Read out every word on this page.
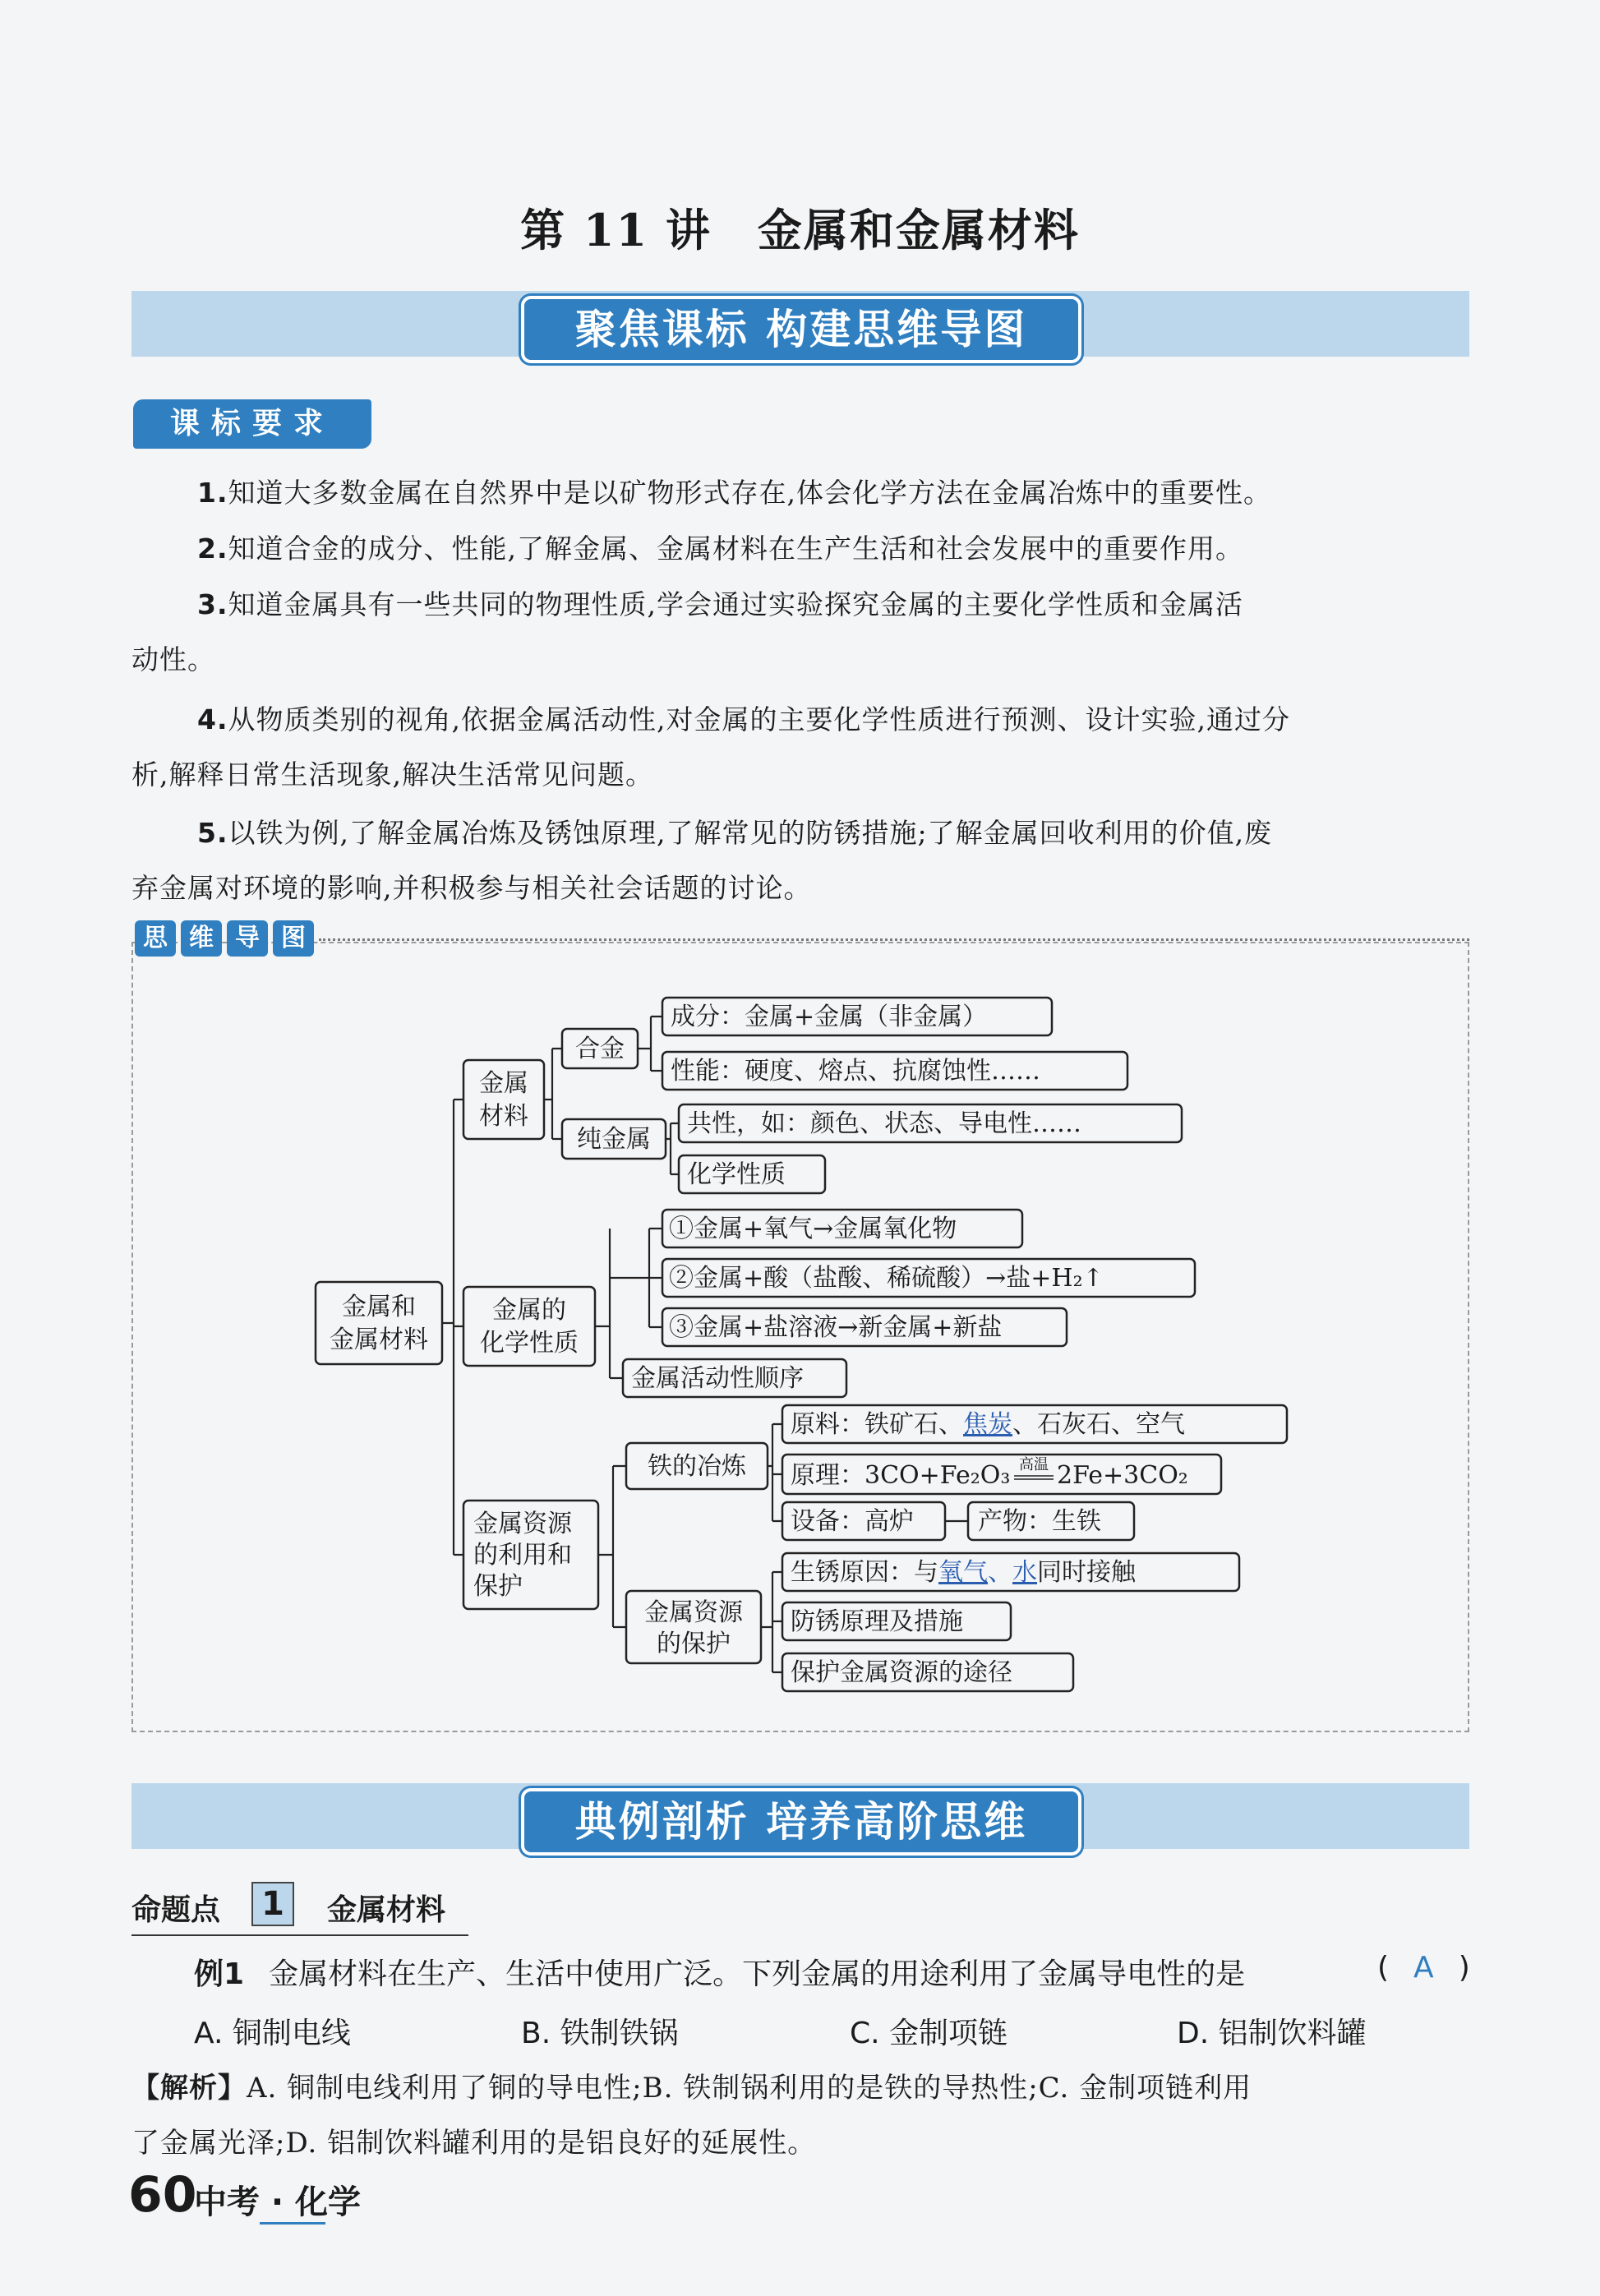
第 11 讲　金属和金属材料
聚焦课标 构建思维导图
课标要求
1.知道大多数金属在自然界中是以矿物形式存在,体会化学方法在金属冶炼中的重要性。
2.知道合金的成分、性能,了解金属、金属材料在生产生活和社会发展中的重要作用。
3.知道金属具有一些共同的物理性质,学会通过实验探究金属的主要化学性质和金属活
动性。
4.从物质类别的视角,依据金属活动性,对金属的主要化学性质进行预测、设计实验,通过分
析,解释日常生活现象,解决生活常见问题。
5.以铁为例,了解金属冶炼及锈蚀原理,了解常见的防锈措施;了解金属回收利用的价值,废
弃金属对环境的影响,并积极参与相关社会话题的讨论。
思 维 导 图
金属和
金属材料
金属
材料
合金
成分：金属+金属（非金属）
性能：硬度、熔点、抗腐蚀性……
纯金属
共性，如：颜色、状态、导电性……
化学性质
金属的
化学性质
①金属+氧气→金属氧化物
②金属+酸（盐酸、稀硫酸）→盐+H₂↑
③金属+盐溶液→新金属+新盐
金属活动性顺序
金属资源
的利用和
保护
铁的冶炼
原料：铁矿石、焦炭、石灰石、空气
原理：3CO+Fe₂O₃ 高温 2Fe+3CO₂
设备：高炉	产物：生铁
金属资源
的保护
生锈原因：与氧气、水同时接触
防锈原理及措施
保护金属资源的途径
典例剖析 培养高阶思维
命题点	1	金属材料
例1 金属材料在生产、生活中使用广泛。下列金属的用途利用了金属导电性的是	( A )
A. 铜制电线	B. 铁制铁锅	C. 金制项链	D. 铝制饮料罐
【解析】A. 铜制电线利用了铜的导电性;B. 铁制锅利用的是铁的导热性;C. 金制项链利用
了金属光泽;D. 铝制饮料罐利用的是铝良好的延展性。
60
中考 · 化学
